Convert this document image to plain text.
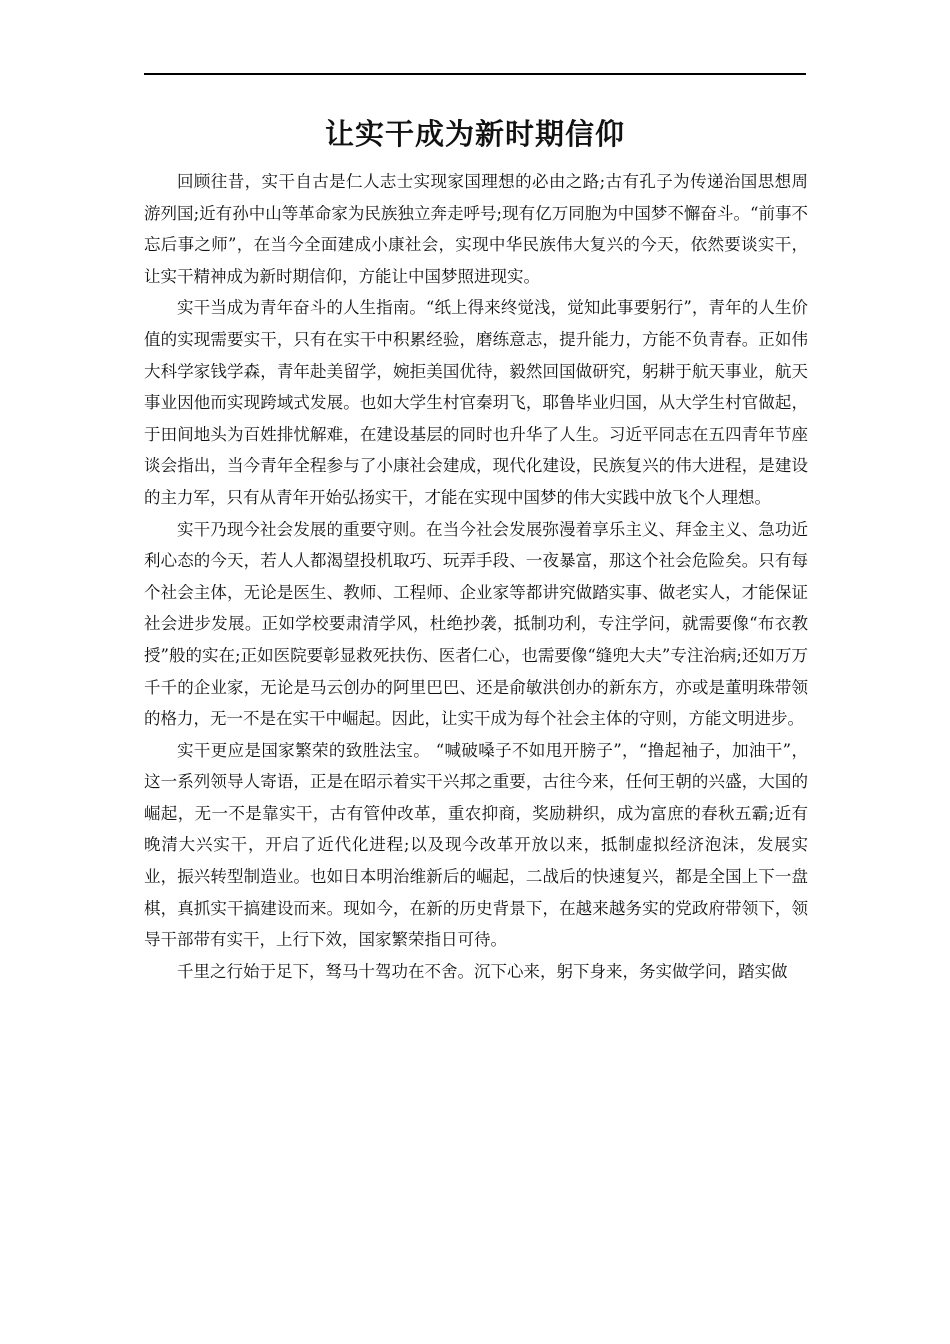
让实干成为新时期信仰

回顾往昔，实干自古是仁人志士实现家国理想的必由之路;古有孔子为传递治国思想周游列国;近有孙中山等革命家为民族独立奔走呼号;现有亿万同胞为中国梦不懈奋斗。“前事不忘后事之师”，在当今全面建成小康社会，实现中华民族伟大复兴的今天，依然要谈实干，让实干精神成为新时期信仰，方能让中国梦照进现实。

实干当成为青年奋斗的人生指南。“纸上得来终觉浅，觉知此事要躬行”，青年的人生价值的实现需要实干，只有在实干中积累经验，磨练意志，提升能力，方能不负青春。正如伟大科学家钱学森，青年赴美留学，婉拒美国优待，毅然回国做研究，躬耕于航天事业，航天事业因他而实现跨域式发展。也如大学生村官秦玥飞，耶鲁毕业归国，从大学生村官做起，于田间地头为百姓排忧解难，在建设基层的同时也升华了人生。习近平同志在五四青年节座谈会指出，当今青年全程参与了小康社会建成，现代化建设，民族复兴的伟大进程，是建设的主力军，只有从青年开始弘扬实干，才能在实现中国梦的伟大实践中放飞个人理想。

实干乃现今社会发展的重要守则。在当今社会发展弥漫着享乐主义、拜金主义、急功近利心态的今天，若人人都渴望投机取巧、玩弄手段、一夜暴富，那这个社会危险矣。只有每个社会主体，无论是医生、教师、工程师、企业家等都讲究做踏实事、做老实人，才能保证社会进步发展。正如学校要肃清学风，杜绝抄袭，抵制功利，专注学问，就需要像“布衣教授”般的实在;正如医院要彰显救死扶伤、医者仁心，也需要像“缝兜大夫”专注治病;还如万万千千的企业家，无论是马云创办的阿里巴巴、还是俞敏洪创办的新东方，亦或是董明珠带领的格力，无一不是在实干中崛起。因此，让实干成为每个社会主体的守则，方能文明进步。

实干更应是国家繁荣的致胜法宝。 “喊破嗓子不如甩开膀子”，“撸起袖子，加油干”，这一系列领导人寄语，正是在昭示着实干兴邦之重要，古往今来，任何王朝的兴盛，大国的崛起，无一不是靠实干，古有管仲改革，重农抑商，奖励耕织，成为富庶的春秋五霸;近有晚清大兴实干，开启了近代化进程;以及现今改革开放以来，抵制虚拟经济泡沫，发展实业，振兴转型制造业。也如日本明治维新后的崛起，二战后的快速复兴，都是全国上下一盘棋，真抓实干搞建设而来。现如今，在新的历史背景下，在越来越务实的党政府带领下，领导干部带有实干，上行下效，国家繁荣指日可待。

千里之行始于足下，驽马十驾功在不舍。沉下心来，躬下身来，务实做学问，踏实做
